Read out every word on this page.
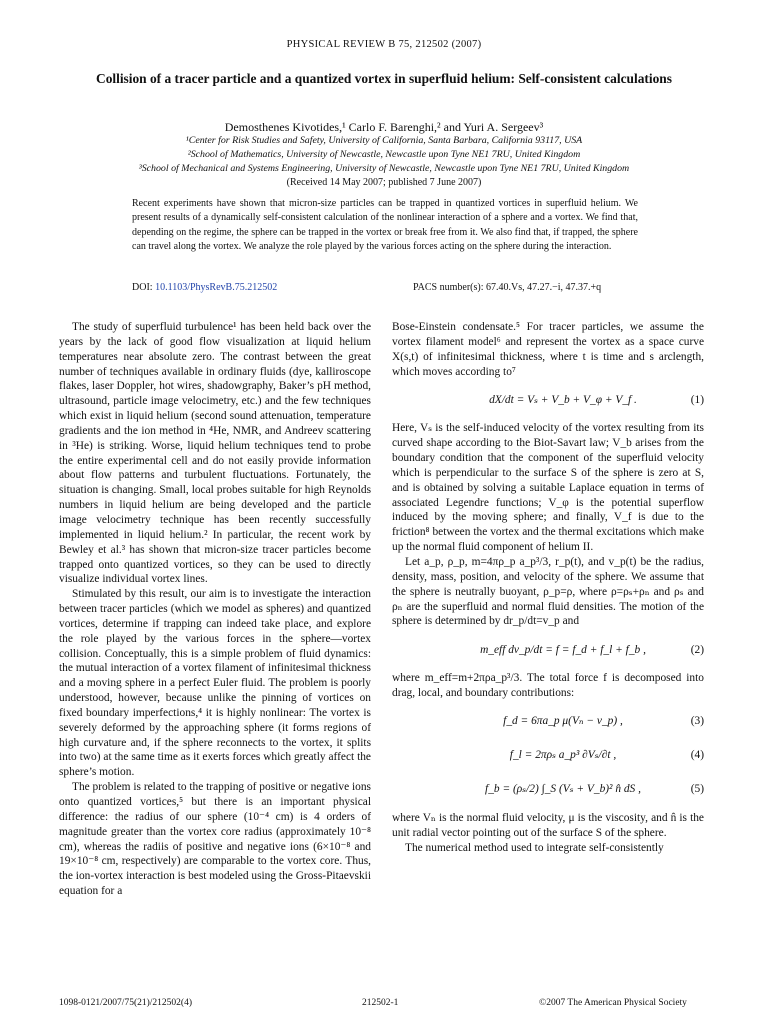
PHYSICAL REVIEW B 75, 212502 (2007)
Collision of a tracer particle and a quantized vortex in superfluid helium: Self-consistent calculations
Demosthenes Kivotides,¹ Carlo F. Barenghi,² and Yuri A. Sergeev³
¹Center for Risk Studies and Safety, University of California, Santa Barbara, California 93117, USA
²School of Mathematics, University of Newcastle, Newcastle upon Tyne NE1 7RU, United Kingdom
³School of Mechanical and Systems Engineering, University of Newcastle, Newcastle upon Tyne NE1 7RU, United Kingdom
(Received 14 May 2007; published 7 June 2007)
Recent experiments have shown that micron-size particles can be trapped in quantized vortices in superfluid helium. We present results of a dynamically self-consistent calculation of the nonlinear interaction of a sphere and a vortex. We find that, depending on the regime, the sphere can be trapped in the vortex or break free from it. We also find that, if trapped, the sphere can travel along the vortex. We analyze the role played by the various forces acting on the sphere during the interaction.
DOI: 10.1103/PhysRevB.75.212502	PACS number(s): 67.40.Vs, 47.27.−i, 47.37.+q

The study of superfluid turbulence¹ has been held back over the years by the lack of good flow visualization at liquid helium temperatures near absolute zero. The contrast between the great number of techniques available in ordinary fluids (dye, kalliroscope flakes, laser Doppler, hot wires, shadowgraphy, Baker’s pH method, ultrasound, particle image velocimetry, etc.) and the few techniques which exist in liquid helium (second sound attenuation, temperature gradients and the ion method in ⁴He, NMR, and Andreev scattering in ³He) is striking. Worse, liquid helium techniques tend to probe the entire experimental cell and do not easily provide information about flow patterns and turbulent fluctuations. Fortunately, the situation is changing. Small, local probes suitable for high Reynolds numbers in liquid helium are being developed and the particle image velocimetry technique has been recently successfully implemented in liquid helium.² In particular, the recent work by Bewley et al.³ has shown that micron-size tracer particles become trapped onto quantized vortices, so they can be used to directly visualize individual vortex lines.

Stimulated by this result, our aim is to investigate the interaction between tracer particles (which we model as spheres) and quantized vortices, determine if trapping can indeed take place, and explore the role played by the various forces in the sphere—vortex collision. Conceptually, this is a simple problem of fluid dynamics: the mutual interaction of a vortex filament of infinitesimal thickness and a moving sphere in a perfect Euler fluid. The problem is poorly understood, however, because unlike the pinning of vortices on fixed boundary imperfections,⁴ it is highly nonlinear: The vortex is severely deformed by the approaching sphere (it forms regions of high curvature and, if the sphere reconnects to the vortex, it splits into two) at the same time as it exerts forces which greatly affect the sphere’s motion.

The problem is related to the trapping of positive or negative ions onto quantized vortices,⁵ but there is an important physical difference: the radius of our sphere (10⁻⁴ cm) is 4 orders of magnitude greater than the vortex core radius (approximately 10⁻⁸ cm), whereas the radiis of positive and negative ions (6×10⁻⁸ and 19×10⁻⁸ cm, respectively) are comparable to the vortex core. Thus, the ion-vortex interaction is best modeled using the Gross-Pitaevskii equation for a

Bose-Einstein condensate.⁵ For tracer particles, we assume the vortex filament model⁶ and represent the vortex as a space curve X(s,t) of infinitesimal thickness, where t is time and s arclength, which moves according to⁷

dX/dt = Vₛ + V_b + V_φ + V_f .	(1)

Here, Vₛ is the self-induced velocity of the vortex resulting from its curved shape according to the Biot-Savart law; V_b arises from the boundary condition that the component of the superfluid velocity which is perpendicular to the surface S of the sphere is zero at S, and is obtained by solving a suitable Laplace equation in terms of associated Legendre functions; V_φ is the potential superflow induced by the moving sphere; and finally, V_f is due to the friction⁸ between the vortex and the thermal excitations which make up the normal fluid component of helium II.

Let a_p, ρ_p, m=4πρ_p a_p³/3, r_p(t), and v_p(t) be the radius, density, mass, position, and velocity of the sphere. We assume that the sphere is neutrally buoyant, ρ_p=ρ, where ρ=ρₛ+ρₙ and ρₛ and ρₙ are the superfluid and normal fluid densities. The motion of the sphere is determined by dr_p/dt=v_p and

m_eff dv_p/dt = f = f_d + f_l + f_b ,	(2)

where m_eff=m+2πρa_p³/3. The total force f is decomposed into drag, local, and boundary contributions:

f_d = 6πa_p μ(Vₙ − v_p) ,	(3)
f_l = 2πρₛ a_p³ ∂Vₛ/∂t ,	(4)
f_b = (ρₛ/2) ∫_S (Vₛ + V_b)² n̂ dS ,	(5)

where Vₙ is the normal fluid velocity, μ is the viscosity, and n̂ is the unit radial vector pointing out of the surface S of the sphere.

The numerical method used to integrate self-consistently

1098-0121/2007/75(21)/212502(4)	212502-1	©2007 The American Physical Society
